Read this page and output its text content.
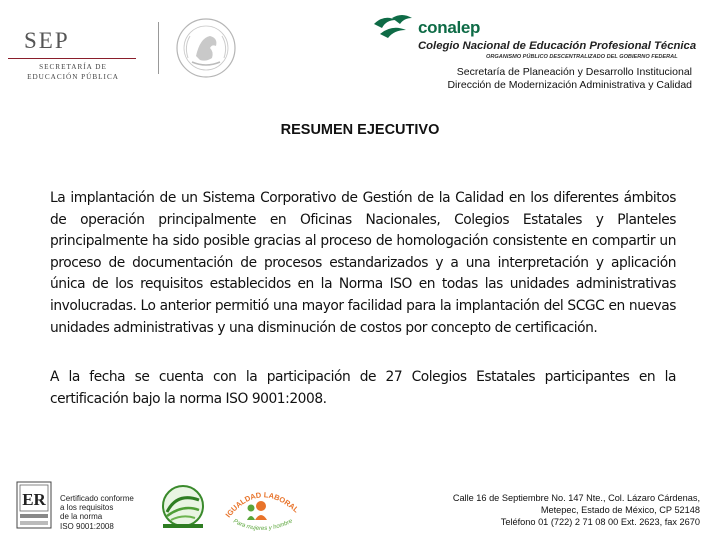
SEP
SECRETARÍA DE
EDUCACIÓN PÚBLICA
conalep
Colegio Nacional de Educación Profesional Técnica
ORGANISMO PÚBLICO DESCENTRALIZADO DEL GOBIERNO FEDERAL
Secretaría de Planeación y Desarrollo Institucional
Dirección de Modernización Administrativa y Calidad
RESUMEN EJECUTIVO

La implantación de un Sistema Corporativo de Gestión de la Calidad en los diferentes ámbitos de operación principalmente en Oficinas Nacionales, Colegios Estatales y Planteles principalmente ha sido posible gracias al proceso de homologación consistente en compartir un proceso de documentación de procesos estandarizados y a una interpretación y aplicación única de los requisitos establecidos en la Norma ISO en todas las unidades administrativas involucradas. Lo anterior permitió una mayor facilidad para la implantación del SCGC en nuevas unidades administrativas y una disminución de costos por concepto de certificación.

A la fecha se cuenta con la participación de 27 Colegios Estatales participantes en la certificación bajo la norma ISO 9001:2008.

ER Certificado conforme
a los requisitos
de la norma
ISO 9001:2008
IGUALDAD LABORAL
Para mujeres y hombre
Calle 16 de Septiembre No. 147 Nte., Col. Lázaro Cárdenas,
Metepec, Estado de México, CP 52148
Teléfono 01 (722) 2 71 08 00 Ext. 2623, fax 2670
